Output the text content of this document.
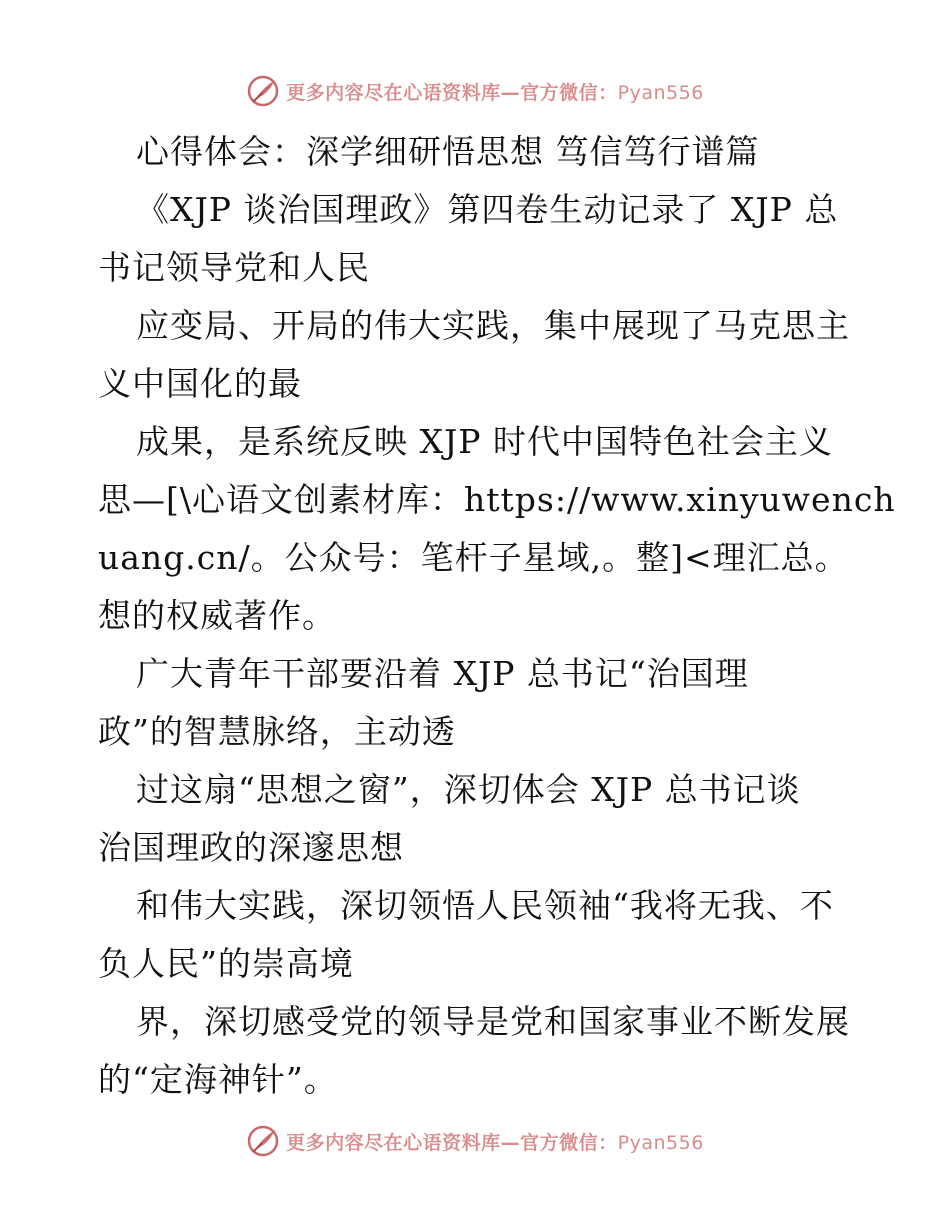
更多内容尽在心语资料库—官方微信：Pyan556
心得体会：深学细研悟思想 笃信笃行谱篇
《XJP 谈治国理政》第四卷生动记录了 XJP 总
书记领导党和人民
应变局、开局的伟大实践，集中展现了马克思主
义中国化的最
成果，是系统反映 XJP 时代中国特色社会主义
思—[\心语文创素材库：https://www.xinyuwench
uang.cn/。公众号：笔杆子星域,。整]<理汇总。
想的权威著作。
广大青年干部要沿着 XJP 总书记“治国理
政”的智慧脉络，主动透
过这扇“思想之窗”，深切体会 XJP 总书记谈
治国理政的深邃思想
和伟大实践，深切领悟人民领袖“我将无我、不
负人民”的崇高境
界，深切感受党的领导是党和国家事业不断发展
的“定海神针”。
更多内容尽在心语资料库—官方微信：Pyan556
